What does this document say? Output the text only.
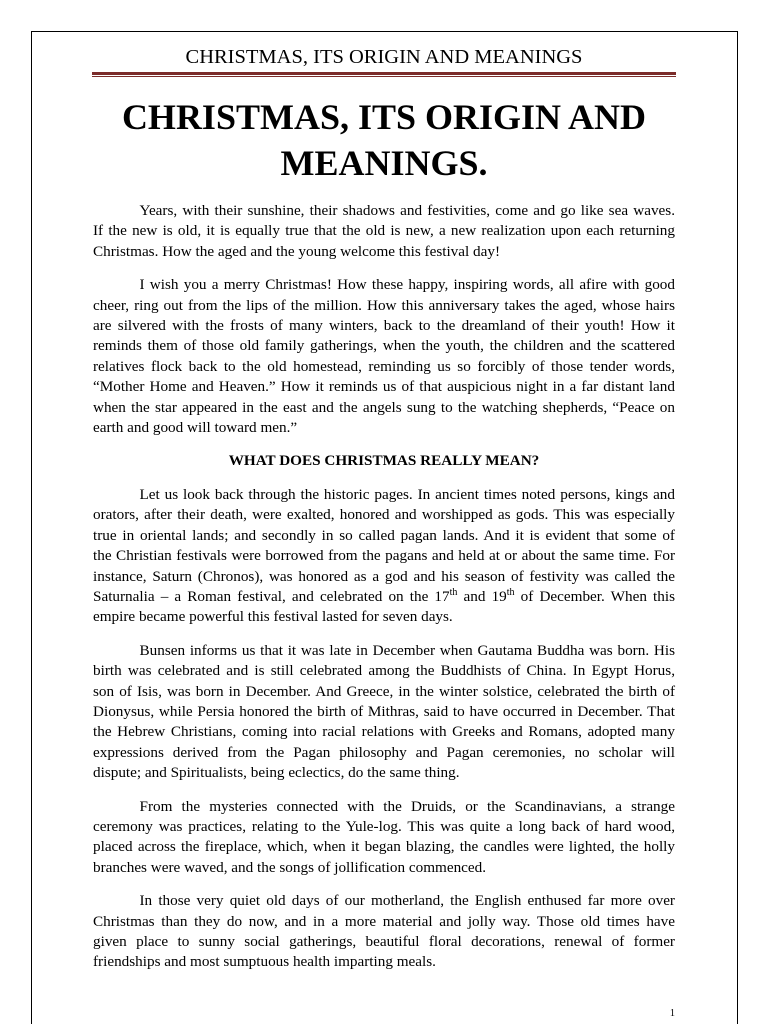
CHRISTMAS, ITS ORIGIN AND MEANINGS
CHRISTMAS, ITS ORIGIN AND MEANINGS.

Years, with their sunshine, their shadows and festivities, come and go like sea waves.
If the new is old, it is equally true that the old is new, a new realization upon each returning
Christmas. How the aged and the young welcome this festival day!

I wish you a merry Christmas! How these happy, inspiring words, all afire with good
cheer, ring out from the lips of the million. How this anniversary takes the aged, whose hairs
are silvered with the frosts of many winters, back to the dreamland of their youth! How it
reminds them of those old family gatherings, when the youth, the children and the scattered
relatives flock back to the old homestead, reminding us so forcibly of those tender words,
“Mother Home and Heaven.” How it reminds us of that auspicious night in a far distant land
when the star appeared in the east and the angels sung to the watching shepherds, “Peace on
earth and good will toward men.”

WHAT DOES CHRISTMAS REALLY MEAN?

Let us look back through the historic pages. In ancient times noted persons, kings and
orators, after their death, were exalted, honored and worshipped as gods. This was especially
true in oriental lands; and secondly in so called pagan lands. And it is evident that some of
the Christian festivals were borrowed from the pagans and held at or about the same time. For
instance, Saturn (Chronos), was honored as a god and his season of festivity was called the
Saturnalia – a Roman festival, and celebrated on the 17th and 19th of December. When this
empire became powerful this festival lasted for seven days.

Bunsen informs us that it was late in December when Gautama Buddha was born. His
birth was celebrated and is still celebrated among the Buddhists of China. In Egypt Horus,
son of Isis, was born in December. And Greece, in the winter solstice, celebrated the birth of
Dionysus, while Persia honored the birth of Mithras, said to have occurred in December. That
the Hebrew Christians, coming into racial relations with Greeks and Romans, adopted many
expressions derived from the Pagan philosophy and Pagan ceremonies, no scholar will
dispute; and Spiritualists, being eclectics, do the same thing.

From the mysteries connected with the Druids, or the Scandinavians, a strange
ceremony was practices, relating to the Yule-log. This was quite a long back of hard wood,
placed across the fireplace, which, when it began blazing, the candles were lighted, the holly
branches were waved, and the songs of jollification commenced.

In those very quiet old days of our motherland, the English enthused far more over
Christmas than they do now, and in a more material and jolly way. Those old times have
given place to sunny social gatherings, beautiful floral decorations, renewal of former
friendships and most sumptuous health imparting meals.

1
